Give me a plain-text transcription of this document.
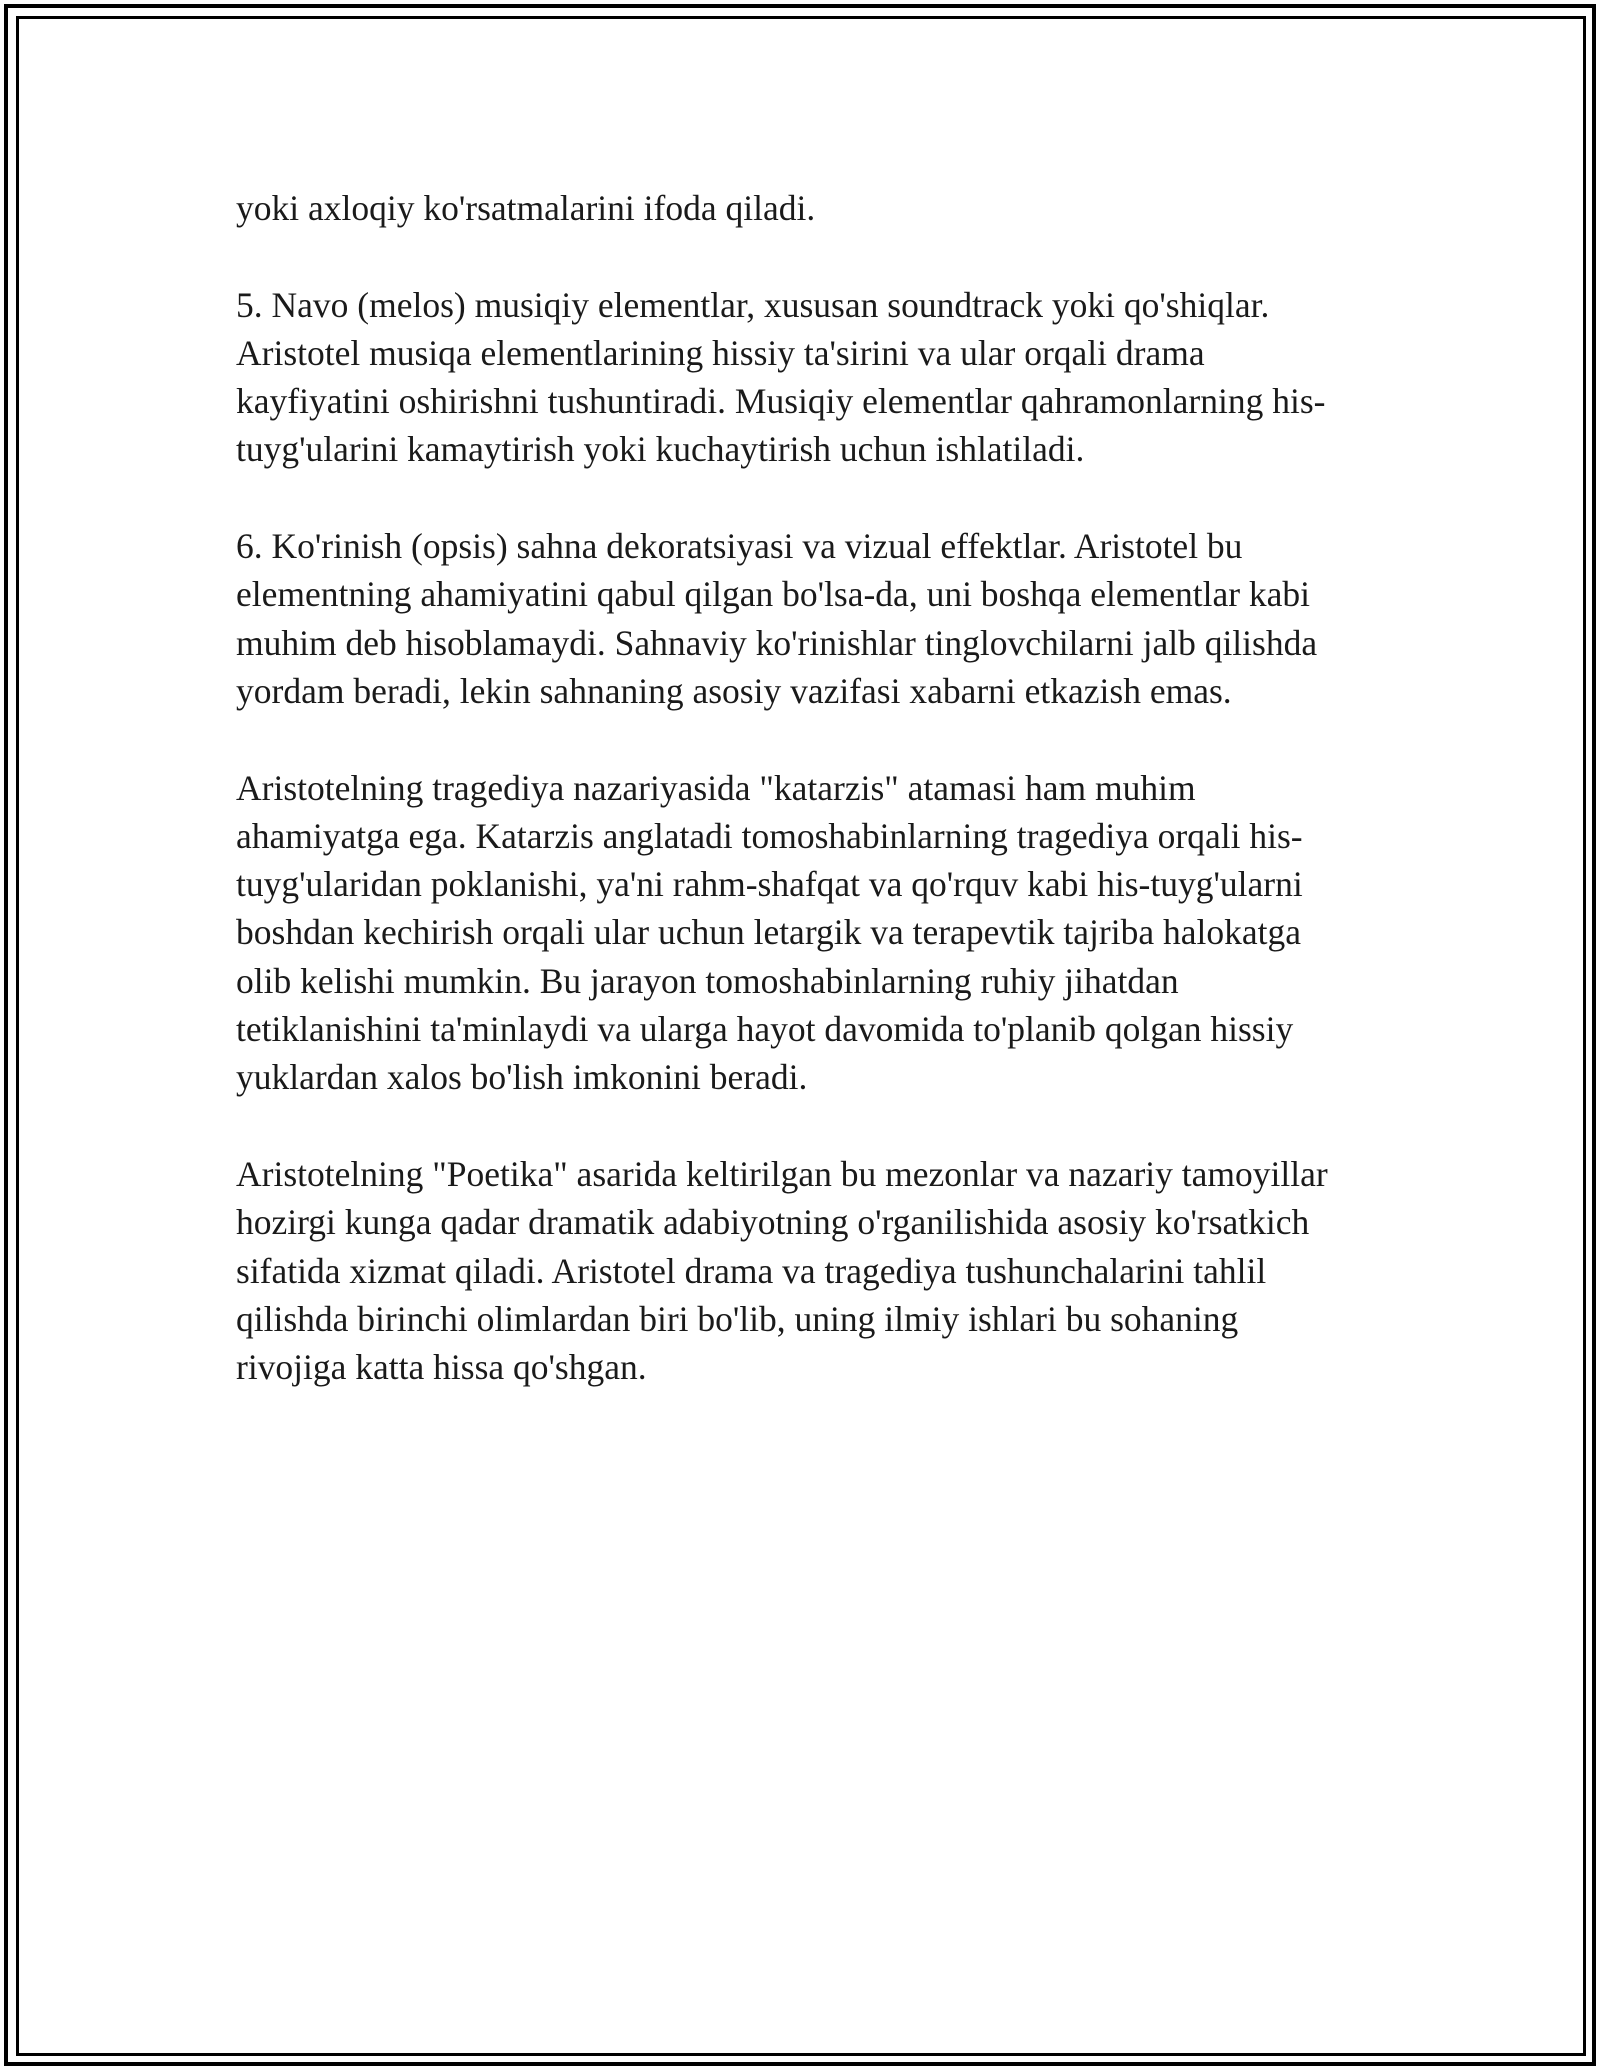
yoki axloqiy ko'rsatmalarini ifoda qiladi.
5. Navo (melos) musiqiy elementlar, xususan soundtrack yoki qo'shiqlar.
Aristotel musiqa elementlarining hissiy ta'sirini va ular orqali drama
kayfiyatini oshirishni tushuntiradi. Musiqiy elementlar qahramonlarning his-
tuyg'ularini kamaytirish yoki kuchaytirish uchun ishlatiladi.
6. Ko'rinish (opsis) sahna dekoratsiyasi va vizual effektlar. Aristotel bu
elementning ahamiyatini qabul qilgan bo'lsa-da, uni boshqa elementlar kabi
muhim deb hisoblamaydi. Sahnaviy ko'rinishlar tinglovchilarni jalb qilishda
yordam beradi, lekin sahnaning asosiy vazifasi xabarni etkazish emas.
Aristotelning tragediya nazariyasida "katarzis" atamasi ham muhim
ahamiyatga ega. Katarzis anglatadi tomoshabinlarning tragediya orqali his-
tuyg'ularidan poklanishi, ya'ni rahm-shafqat va qo'rquv kabi his-tuyg'ularni
boshdan kechirish orqali ular uchun letargik va terapevtik tajriba halokatga
olib kelishi mumkin. Bu jarayon tomoshabinlarning ruhiy jihatdan
tetiklanishini ta'minlaydi va ularga hayot davomida to'planib qolgan hissiy
yuklardan xalos bo'lish imkonini beradi.
Aristotelning "Poetika" asarida keltirilgan bu mezonlar va nazariy tamoyillar
hozirgi kunga qadar dramatik adabiyotning o'rganilishida asosiy ko'rsatkich
sifatida xizmat qiladi. Aristotel drama va tragediya tushunchalarini tahlil
qilishda birinchi olimlardan biri bo'lib, uning ilmiy ishlari bu sohaning
rivojiga katta hissa qo'shgan.
